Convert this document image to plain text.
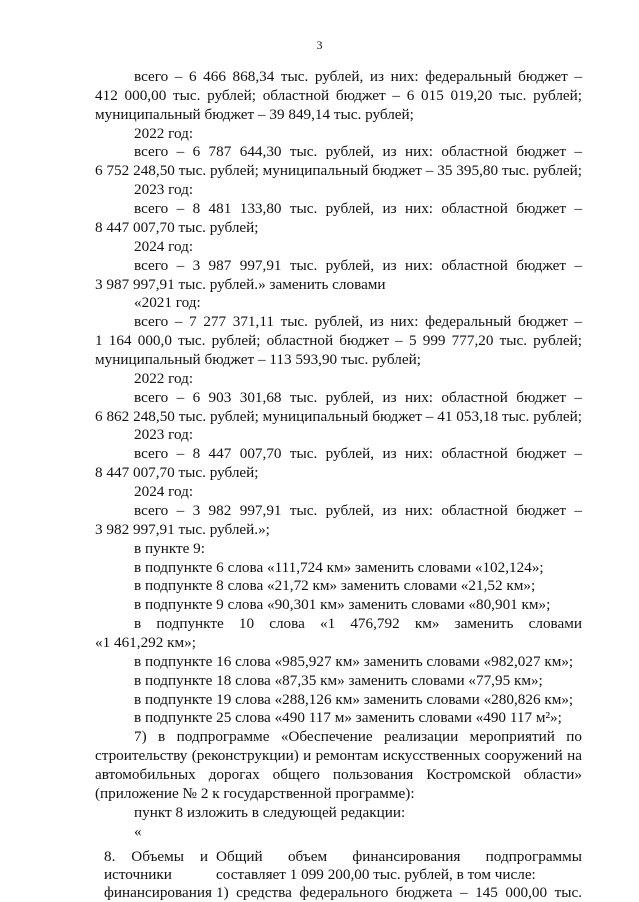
3
всего – 6 466 868,34 тыс. рублей, из них: федеральный бюджет –
412 000,00 тыс. рублей; областной бюджет – 6 015 019,20 тыс. рублей;
муниципальный бюджет – 39 849,14 тыс. рублей;
2022 год:
всего – 6 787 644,30 тыс. рублей, из них: областной бюджет –
6 752 248,50 тыс. рублей; муниципальный бюджет – 35 395,80 тыс. рублей;
2023 год:
всего – 8 481 133,80 тыс. рублей, из них: областной бюджет –
8 447 007,70 тыс. рублей;
2024 год:
всего – 3 987 997,91 тыс. рублей, из них: областной бюджет –
3 987 997,91 тыс. рублей.» заменить словами
«2021 год:
всего – 7 277 371,11 тыс. рублей, из них: федеральный бюджет –
1 164 000,0 тыс. рублей; областной бюджет – 5 999 777,20 тыс. рублей;
муниципальный бюджет – 113 593,90 тыс. рублей;
2022 год:
всего – 6 903 301,68 тыс. рублей, из них: областной бюджет –
6 862 248,50 тыс. рублей; муниципальный бюджет – 41 053,18 тыс. рублей;
2023 год:
всего – 8 447 007,70 тыс. рублей, из них: областной бюджет –
8 447 007,70 тыс. рублей;
2024 год:
всего – 3 982 997,91 тыс. рублей, из них: областной бюджет –
3 982 997,91 тыс. рублей.»;
в пункте 9:
в подпункте 6 слова «111,724 км» заменить словами «102,124»;
в подпункте 8 слова «21,72 км» заменить словами «21,52 км»;
в подпункте 9 слова «90,301 км» заменить словами «80,901 км»;
в подпункте 10 слова «1 476,792 км» заменить словами
«1 461,292 км»;
в подпункте 16 слова «985,927 км» заменить словами «982,027 км»;
в подпункте 18 слова «87,35 км» заменить словами «77,95 км»;
в подпункте 19 слова «288,126 км» заменить словами «280,826 км»;
в подпункте 25 слова «490 117 м» заменить словами «490 117 м²»;
7) в подпрограмме «Обеспечение реализации мероприятий по
строительству (реконструкции) и ремонтам искусственных сооружений на
автомобильных дорогах общего пользования Костромской области»
(приложение № 2 к государственной программе):
пункт 8 изложить в следующей редакции:
«
8. Объемы и
источники
финансирования
Общий объем финансирования подпрограммы
составляет 1 099 200,00 тыс. рублей, в том числе:
1) средства федерального бюджета – 145 000,00 тыс.
